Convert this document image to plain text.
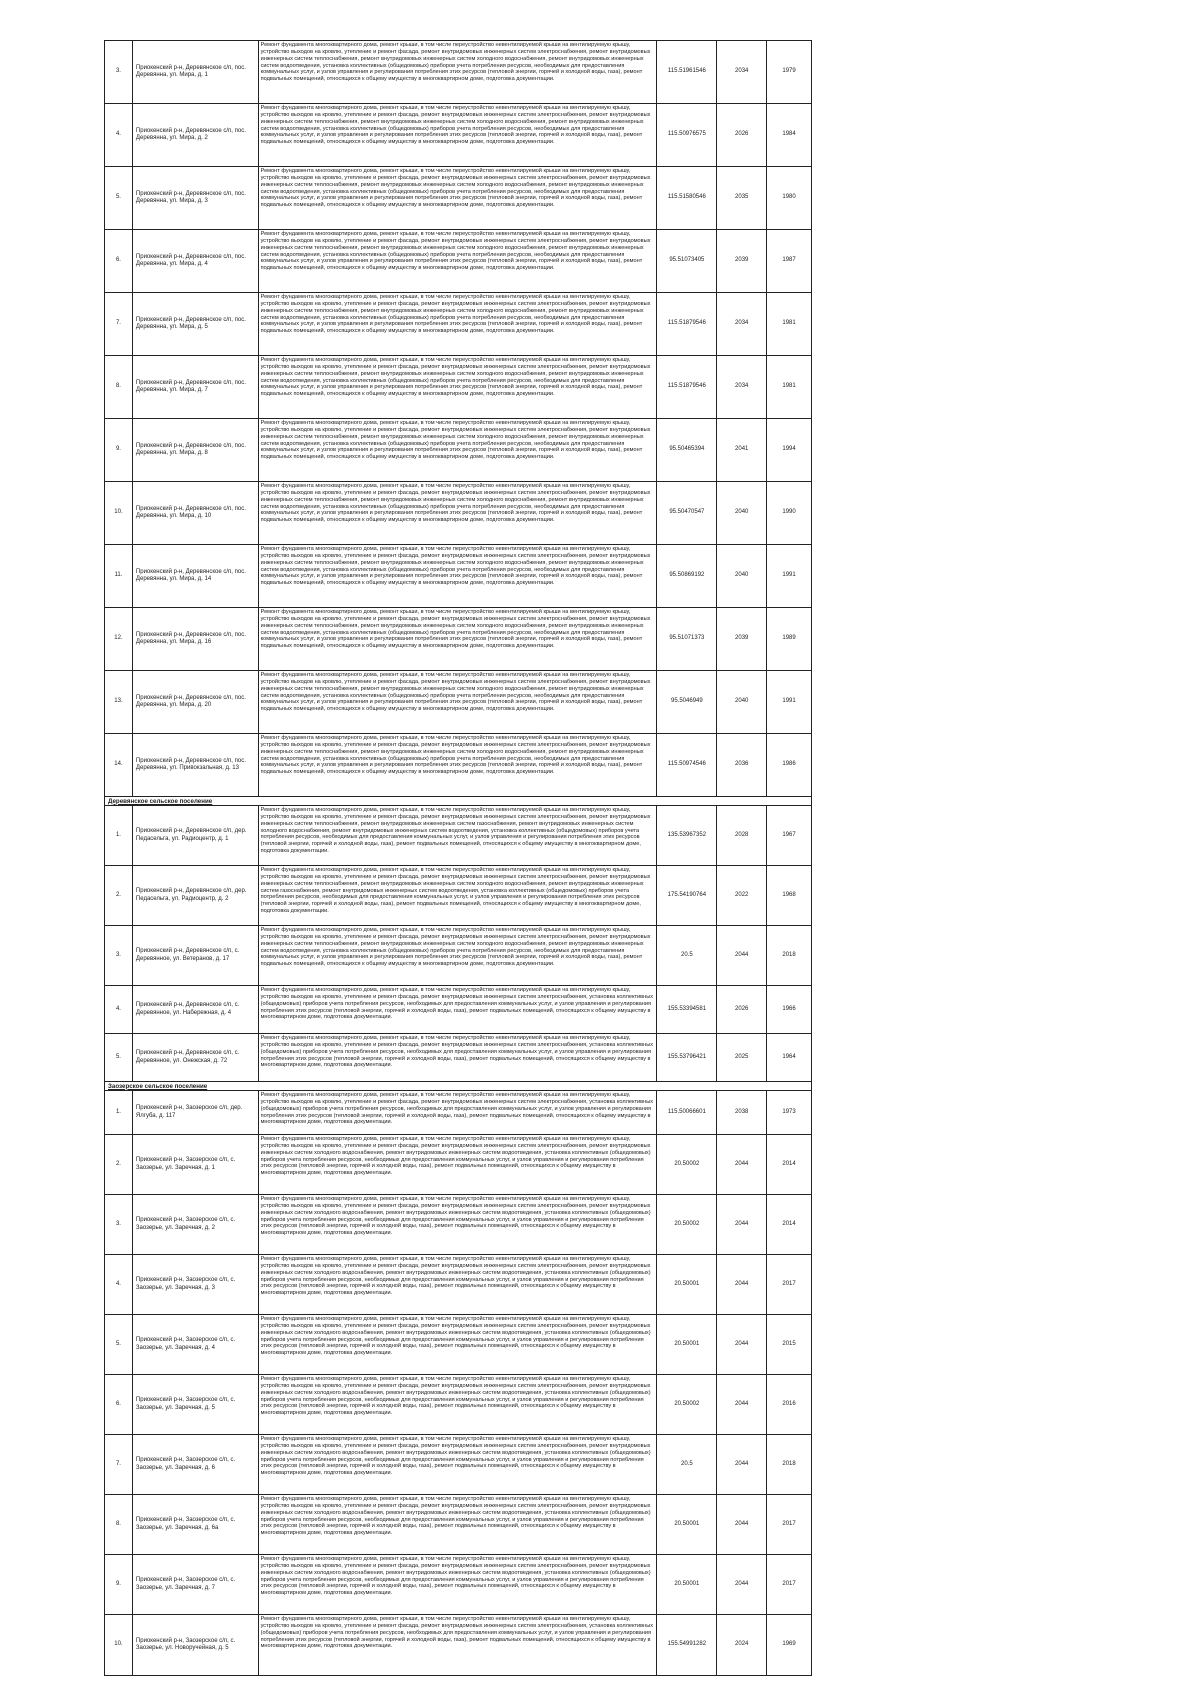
3.
Приокенский р-н, Деревянское с/п, пос. Деревянна, ул. Мира, д. 1
Ремонт фундамента многоквартирного дома, ремонт крыши, в том числе переустройство невентилируемой крыши на вентилируемую крышу, устройство выходов на кровлю, утепление и ремонт фасада, ремонт внутридомовых инженерных систем электроснабжения, ремонт внутридомовых инженерных систем теплоснабжения, ремонт внутридомовых инженерных систем холодного водоснабжения, ремонт внутридомовых инженерных систем водоотведения, установка коллективных (общедомовых) приборов учета потребления ресурсов, необходимых для предоставления коммунальных услуг, и узлов управления и регулирования потребления этих ресурсов (тепловой энергии, горячей и холодной воды, газа), ремонт подвальных помещений, относящихся к общему имуществу в многоквартирном доме, подготовка документации.
115.51961546	2034	1979
4.
Приокенский р-н, Деревянское с/п, пос. Деревянна, ул. Мира, д. 2
Ремонт фундамента многоквартирного дома, ремонт крыши, в том числе переустройство невентилируемой крыши на вентилируемую крышу, устройство выходов на кровлю, утепление и ремонт фасада, ремонт внутридомовых инженерных систем электроснабжения, ремонт внутридомовых инженерных систем теплоснабжения, ремонт внутридомовых инженерных систем холодного водоснабжения, ремонт внутридомовых инженерных систем водоотведения, установка коллективных (общедомовых) приборов учета потребления ресурсов, необходимых для предоставления коммунальных услуг, и узлов управления и регулирования потребления этих ресурсов (тепловой энергии, горячей и холодной воды, газа), ремонт подвальных помещений, относящихся к общему имуществу в многоквартирном доме, подготовка документации.
115.50976575	2026	1984
5.
Приокенский р-н, Деревянское с/п, пос. Деревянна, ул. Мира, д. 3
Ремонт фундамента многоквартирного дома, ремонт крыши, в том числе переустройство невентилируемой крыши на вентилируемую крышу, устройство выходов на кровлю, утепление и ремонт фасада, ремонт внутридомовых инженерных систем электроснабжения, ремонт внутридомовых инженерных систем теплоснабжения, ремонт внутридомовых инженерных систем холодного водоснабжения, ремонт внутридомовых инженерных систем водоотведения, установка коллективных (общедомовых) приборов учета потребления ресурсов, необходимых для предоставления коммунальных услуг, и узлов управления и регулирования потребления этих ресурсов (тепловой энергии, горячей и холодной воды, газа), ремонт подвальных помещений, относящихся к общему имуществу в многоквартирном доме, подготовка документации.
115.51580546	2035	1980
6.
Приокенский р-н, Деревянское с/п, пос. Деревянна, ул. Мира, д. 4
Ремонт фундамента многоквартирного дома, ремонт крыши, в том числе переустройство невентилируемой крыши на вентилируемую крышу, устройство выходов на кровлю, утепление и ремонт фасада, ремонт внутридомовых инженерных систем электроснабжения, ремонт внутридомовых инженерных систем теплоснабжения, ремонт внутридомовых инженерных систем холодного водоснабжения, ремонт внутридомовых инженерных систем водоотведения, установка коллективных (общедомовых) приборов учета потребления ресурсов, необходимых для предоставления коммунальных услуг, и узлов управления и регулирования потребления этих ресурсов (тепловой энергии, горячей и холодной воды, газа), ремонт подвальных помещений, относящихся к общему имуществу в многоквартирном доме, подготовка документации.
95.51073405	2039	1987
7.
Приокенский р-н, Деревянское с/п, пос. Деревянна, ул. Мира, д. 5
Ремонт фундамента многоквартирного дома, ремонт крыши, в том числе переустройство невентилируемой крыши на вентилируемую крышу, устройство выходов на кровлю, утепление и ремонт фасада, ремонт внутридомовых инженерных систем электроснабжения, ремонт внутридомовых инженерных систем теплоснабжения, ремонт внутридомовых инженерных систем холодного водоснабжения, ремонт внутридомовых инженерных систем водоотведения, установка коллективных (общедомовых) приборов учета потребления ресурсов, необходимых для предоставления коммунальных услуг, и узлов управления и регулирования потребления этих ресурсов (тепловой энергии, горячей и холодной воды, газа), ремонт подвальных помещений, относящихся к общему имуществу в многоквартирном доме, подготовка документации.
115.51879546	2034	1981
8.
Приокенский р-н, Деревянское с/п, пос. Деревянна, ул. Мира, д. 7
Ремонт фундамента многоквартирного дома, ремонт крыши, в том числе переустройство невентилируемой крыши на вентилируемую крышу, устройство выходов на кровлю, утепление и ремонт фасада, ремонт внутридомовых инженерных систем электроснабжения, ремонт внутридомовых инженерных систем теплоснабжения, ремонт внутридомовых инженерных систем холодного водоснабжения, ремонт внутридомовых инженерных систем водоотведения, установка коллективных (общедомовых) приборов учета потребления ресурсов, необходимых для предоставления коммунальных услуг, и узлов управления и регулирования потребления этих ресурсов (тепловой энергии, горячей и холодной воды, газа), ремонт подвальных помещений, относящихся к общему имуществу в многоквартирном доме, подготовка документации.
115.51879546	2034	1981
9.
Приокенский р-н, Деревянское с/п, пос. Деревянна, ул. Мира, д. 8
Ремонт фундамента многоквартирного дома, ремонт крыши, в том числе переустройство невентилируемой крыши на вентилируемую крышу, устройство выходов на кровлю, утепление и ремонт фасада, ремонт внутридомовых инженерных систем электроснабжения, ремонт внутридомовых инженерных систем теплоснабжения, ремонт внутридомовых инженерных систем холодного водоснабжения, ремонт внутридомовых инженерных систем водоотведения, установка коллективных (общедомовых) приборов учета потребления ресурсов, необходимых для предоставления коммунальных услуг, и узлов управления и регулирования потребления этих ресурсов (тепловой энергии, горячей и холодной воды, газа), ремонт подвальных помещений, относящихся к общему имуществу в многоквартирном доме, подготовка документации.
95.50465394	2041	1994
10.
Приокенский р-н, Деревянское с/п, пос. Деревянна, ул. Мира, д. 10
Ремонт фундамента многоквартирного дома, ремонт крыши, в том числе переустройство невентилируемой крыши на вентилируемую крышу, устройство выходов на кровлю, утепление и ремонт фасада, ремонт внутридомовых инженерных систем электроснабжения, ремонт внутридомовых инженерных систем теплоснабжения, ремонт внутридомовых инженерных систем холодного водоснабжения, ремонт внутридомовых инженерных систем водоотведения, установка коллективных (общедомовых) приборов учета потребления ресурсов, необходимых для предоставления коммунальных услуг, и узлов управления и регулирования потребления этих ресурсов (тепловой энергии, горячей и холодной воды, газа), ремонт подвальных помещений, относящихся к общему имуществу в многоквартирном доме, подготовка документации.
95.50470547	2040	1990
11.
Приокенский р-н, Деревянское с/п, пос. Деревянна, ул. Мира, д. 14
Ремонт фундамента многоквартирного дома, ремонт крыши, в том числе переустройство невентилируемой крыши на вентилируемую крышу, устройство выходов на кровлю, утепление и ремонт фасада, ремонт внутридомовых инженерных систем электроснабжения, ремонт внутридомовых инженерных систем теплоснабжения, ремонт внутридомовых инженерных систем холодного водоснабжения, ремонт внутридомовых инженерных систем водоотведения, установка коллективных (общедомовых) приборов учета потребления ресурсов, необходимых для предоставления коммунальных услуг, и узлов управления и регулирования потребления этих ресурсов (тепловой энергии, горячей и холодной воды, газа), ремонт подвальных помещений, относящихся к общему имуществу в многоквартирном доме, подготовка документации.
95.50869192	2040	1991
12.
Приокенский р-н, Деревянское с/п, пос. Деревянна, ул. Мира, д. 16
Ремонт фундамента многоквартирного дома, ремонт крыши, в том числе переустройство невентилируемой крыши на вентилируемую крышу, устройство выходов на кровлю, утепление и ремонт фасада, ремонт внутридомовых инженерных систем электроснабжения, ремонт внутридомовых инженерных систем теплоснабжения, ремонт внутридомовых инженерных систем холодного водоснабжения, ремонт внутридомовых инженерных систем водоотведения, установка коллективных (общедомовых) приборов учета потребления ресурсов, необходимых для предоставления коммунальных услуг, и узлов управления и регулирования потребления этих ресурсов (тепловой энергии, горячей и холодной воды, газа), ремонт подвальных помещений, относящихся к общему имуществу в многоквартирном доме, подготовка документации.
95.51071373	2039	1989
13.
Приокенский р-н, Деревянское с/п, пос. Деревянна, ул. Мира, д. 20
Ремонт фундамента многоквартирного дома, ремонт крыши, в том числе переустройство невентилируемой крыши на вентилируемую крышу, устройство выходов на кровлю, утепление и ремонт фасада, ремонт внутридомовых инженерных систем электроснабжения, ремонт внутридомовых инженерных систем теплоснабжения, ремонт внутридомовых инженерных систем холодного водоснабжения, ремонт внутридомовых инженерных систем водоотведения, установка коллективных (общедомовых) приборов учета потребления ресурсов, необходимых для предоставления коммунальных услуг, и узлов управления и регулирования потребления этих ресурсов (тепловой энергии, горячей и холодной воды, газа), ремонт подвальных помещений, относящихся к общему имуществу в многоквартирном доме, подготовка документации.
95.5046949	2040	1991
14.
Приокенский р-н, Деревянское с/п, пос. Деревянна, ул. Привокзальная, д. 13
Ремонт фундамента многоквартирного дома, ремонт крыши, в том числе переустройство невентилируемой крыши на вентилируемую крышу, устройство выходов на кровлю, утепление и ремонт фасада, ремонт внутридомовых инженерных систем электроснабжения, ремонт внутридомовых инженерных систем теплоснабжения, ремонт внутридомовых инженерных систем холодного водоснабжения, ремонт внутридомовых инженерных систем водоотведения, установка коллективных (общедомовых) приборов учета потребления ресурсов, необходимых для предоставления коммунальных услуг, и узлов управления и регулирования потребления этих ресурсов (тепловой энергии, горячей и холодной воды, газа), ремонт подвальных помещений, относящихся к общему имуществу в многоквартирном доме, подготовка документации.
115.50974546	2036	1986
Деревянское сельское поселение
1.
Приокенский р-н, Деревянское с/п, дер. Педасельга, ул. Радиоцентр, д. 1
Ремонт фундамента многоквартирного дома, ремонт крыши, в том числе переустройство невентилируемой крыши на вентилируемую крышу, устройство выходов на кровлю, утепление и ремонт фасада, ремонт внутридомовых инженерных систем электроснабжения, ремонт внутридомовых инженерных систем теплоснабжения, ремонт внутридомовых инженерных систем газоснабжения, ремонт внутридомовых инженерных систем холодного водоснабжения, ремонт внутридомовых инженерных систем водоотведения, установка коллективных (общедомовых) приборов учета потребления ресурсов, необходимых для предоставления коммунальных услуг, и узлов управления и регулирования потребления этих ресурсов (тепловой энергии, горячей и холодной воды, газа), ремонт подвальных помещений, относящихся к общему имуществу в многоквартирном доме, подготовка документации.
135.53967352	2028	1967
2.
Приокенский р-н, Деревянское с/п, дер. Педасельга, ул. Радиоцентр, д. 2
Ремонт фундамента многоквартирного дома, ремонт крыши, в том числе переустройство невентилируемой крыши на вентилируемую крышу, устройство выходов на кровлю, утепление и ремонт фасада, ремонт внутридомовых инженерных систем электроснабжения, ремонт внутридомовых инженерных систем теплоснабжения, ремонт внутридомовых инженерных систем холодного водоснабжения, ремонт внутридомовых инженерных систем газоснабжения, ремонт внутридомовых инженерных систем водоотведения, установка коллективных (общедомовых) приборов учета потребления ресурсов, необходимых для предоставления коммунальных услуг, и узлов управления и регулирования потребления этих ресурсов (тепловой энергии, горячей и холодной воды, газа), ремонт подвальных помещений, относящихся к общему имуществу в многоквартирном доме, подготовка документации.
175.54190764	2022	1968
3.
Приокенский р-н, Деревянское с/п, с. Деревянное, ул. Ветеранов, д. 17
Ремонт фундамента многоквартирного дома, ремонт крыши, в том числе переустройство невентилируемой крыши на вентилируемую крышу, устройство выходов на кровлю, утепление и ремонт фасада, ремонт внутридомовых инженерных систем электроснабжения, ремонт внутридомовых инженерных систем теплоснабжения, ремонт внутридомовых инженерных систем холодного водоснабжения, ремонт внутридомовых инженерных систем водоотведения, установка коллективных (общедомовых) приборов учета потребления ресурсов, необходимых для предоставления коммунальных услуг, и узлов управления и регулирования потребления этих ресурсов (тепловой энергии, горячей и холодной воды, газа), ремонт подвальных помещений, относящихся к общему имуществу в многоквартирном доме, подготовка документации.
20.5	2044	2018
4.
Приокенский р-н, Деревянское с/п, с. Деревянное, ул. Набережная, д. 4
Ремонт фундамента многоквартирного дома, ремонт крыши, в том числе переустройство невентилируемой крыши на вентилируемую крышу, устройство выходов на кровлю, утепление и ремонт фасада, ремонт внутридомовых инженерных систем электроснабжения, установка коллективных (общедомовых) приборов учета потребления ресурсов, необходимых для предоставления коммунальных услуг, и узлов управления и регулирования потребления этих ресурсов (тепловой энергии, горячей и холодной воды, газа), ремонт подвальных помещений, относящихся к общему имуществу в многоквартирном доме, подготовка документации.
155.53394581	2026	1966
5.
Приокенский р-н, Деревянское с/п, с. Деревянное, ул. Онежская, д. 72
Ремонт фундамента многоквартирного дома, ремонт крыши, в том числе переустройство невентилируемой крыши на вентилируемую крышу, устройство выходов на кровлю, утепление и ремонт фасада, ремонт внутридомовых инженерных систем электроснабжения, установка коллективных (общедомовых) приборов учета потребления ресурсов, необходимых для предоставления коммунальных услуг, и узлов управления и регулирования потребления этих ресурсов (тепловой энергии, горячей и холодной воды, газа), ремонт подвальных помещений, относящихся к общему имуществу в многоквартирном доме, подготовка документации.
155.53796421	2025	1964
Заозерское сельское поселение
1.
Приокенский р-н, Заозерское с/п, дер. Ялгуба, д. 117
Ремонт фундамента многоквартирного дома, ремонт крыши, в том числе переустройство невентилируемой крыши на вентилируемую крышу, устройство выходов на кровлю, утепление и ремонт фасада, ремонт внутридомовых инженерных систем электроснабжения, установка коллективных (общедомовых) приборов учета потребления ресурсов, необходимых для предоставления коммунальных услуг, и узлов управления и регулирования потребления этих ресурсов (тепловой энергии, горячей и холодной воды, газа), ремонт подвальных помещений, относящихся к общему имуществу в многоквартирном доме, подготовка документации.
115.50066601	2038	1973
2.
Приокенский р-н, Заозерское с/п, с. Заозерье, ул. Заречная, д. 1
Ремонт фундамента многоквартирного дома, ремонт крыши, в том числе переустройство невентилируемой крыши на вентилируемую крышу, устройство выходов на кровлю, утепление и ремонт фасада, ремонт внутридомовых инженерных систем электроснабжения, ремонт внутридомовых инженерных систем холодного водоснабжения, ремонт внутридомовых инженерных систем водоотведения, установка коллективных (общедомовых) приборов учета потребления ресурсов, необходимых для предоставления коммунальных услуг, и узлов управления и регулирования потребления этих ресурсов (тепловой энергии, горячей и холодной воды, газа), ремонт подвальных помещений, относящихся к общему имуществу в многоквартирном доме, подготовка документации.
20.50002	2044	2014
3.
Приокенский р-н, Заозерское с/п, с. Заозерье, ул. Заречная, д. 2
Ремонт фундамента многоквартирного дома, ремонт крыши, в том числе переустройство невентилируемой крыши на вентилируемую крышу, устройство выходов на кровлю, утепление и ремонт фасада, ремонт внутридомовых инженерных систем электроснабжения, ремонт внутридомовых инженерных систем холодного водоснабжения, ремонт внутридомовых инженерных систем водоотведения, установка коллективных (общедомовых) приборов учета потребления ресурсов, необходимых для предоставления коммунальных услуг, и узлов управления и регулирования потребления этих ресурсов (тепловой энергии, горячей и холодной воды, газа), ремонт подвальных помещений, относящихся к общему имуществу в многоквартирном доме, подготовка документации.
20.50002	2044	2014
4.
Приокенский р-н, Заозерское с/п, с. Заозерье, ул. Заречная, д. 3
Ремонт фундамента многоквартирного дома, ремонт крыши, в том числе переустройство невентилируемой крыши на вентилируемую крышу, устройство выходов на кровлю, утепление и ремонт фасада, ремонт внутридомовых инженерных систем электроснабжения, ремонт внутридомовых инженерных систем холодного водоснабжения, ремонт внутридомовых инженерных систем водоотведения, установка коллективных (общедомовых) приборов учета потребления ресурсов, необходимых для предоставления коммунальных услуг, и узлов управления и регулирования потребления этих ресурсов (тепловой энергии, горячей и холодной воды, газа), ремонт подвальных помещений, относящихся к общему имуществу в многоквартирном доме, подготовка документации.
20.50001	2044	2017
5.
Приокенский р-н, Заозерское с/п, с. Заозерье, ул. Заречная, д. 4
Ремонт фундамента многоквартирного дома, ремонт крыши, в том числе переустройство невентилируемой крыши на вентилируемую крышу, устройство выходов на кровлю, утепление и ремонт фасада, ремонт внутридомовых инженерных систем электроснабжения, ремонт внутридомовых инженерных систем холодного водоснабжения, ремонт внутридомовых инженерных систем водоотведения, установка коллективных (общедомовых) приборов учета потребления ресурсов, необходимых для предоставления коммунальных услуг, и узлов управления и регулирования потребления этих ресурсов (тепловой энергии, горячей и холодной воды, газа), ремонт подвальных помещений, относящихся к общему имуществу в многоквартирном доме, подготовка документации.
20.50001	2044	2015
6.
Приокенский р-н, Заозерское с/п, с. Заозерье, ул. Заречная, д. 5
Ремонт фундамента многоквартирного дома, ремонт крыши, в том числе переустройство невентилируемой крыши на вентилируемую крышу, устройство выходов на кровлю, утепление и ремонт фасада, ремонт внутридомовых инженерных систем электроснабжения, ремонт внутридомовых инженерных систем холодного водоснабжения, ремонт внутридомовых инженерных систем водоотведения, установка коллективных (общедомовых) приборов учета потребления ресурсов, необходимых для предоставления коммунальных услуг, и узлов управления и регулирования потребления этих ресурсов (тепловой энергии, горячей и холодной воды, газа), ремонт подвальных помещений, относящихся к общему имуществу в многоквартирном доме, подготовка документации.
20.50002	2044	2016
7.
Приокенский р-н, Заозерское с/п, с. Заозерье, ул. Заречная, д. 6
Ремонт фундамента многоквартирного дома, ремонт крыши, в том числе переустройство невентилируемой крыши на вентилируемую крышу, устройство выходов на кровлю, утепление и ремонт фасада, ремонт внутридомовых инженерных систем электроснабжения, ремонт внутридомовых инженерных систем холодного водоснабжения, ремонт внутридомовых инженерных систем водоотведения, установка коллективных (общедомовых) приборов учета потребления ресурсов, необходимых для предоставления коммунальных услуг, и узлов управления и регулирования потребления этих ресурсов (тепловой энергии, горячей и холодной воды, газа), ремонт подвальных помещений, относящихся к общему имуществу в многоквартирном доме, подготовка документации.
20.5	2044	2018
8.
Приокенский р-н, Заозерское с/п, с. Заозерье, ул. Заречная, д. 6а
Ремонт фундамента многоквартирного дома, ремонт крыши, в том числе переустройство невентилируемой крыши на вентилируемую крышу, устройство выходов на кровлю, утепление и ремонт фасада, ремонт внутридомовых инженерных систем электроснабжения, ремонт внутридомовых инженерных систем холодного водоснабжения, ремонт внутридомовых инженерных систем водоотведения, установка коллективных (общедомовых) приборов учета потребления ресурсов, необходимых для предоставления коммунальных услуг, и узлов управления и регулирования потребления этих ресурсов (тепловой энергии, горячей и холодной воды, газа), ремонт подвальных помещений, относящихся к общему имуществу в многоквартирном доме, подготовка документации.
20.50001	2044	2017
9.
Приокенский р-н, Заозерское с/п, с. Заозерье, ул. Заречная, д. 7
Ремонт фундамента многоквартирного дома, ремонт крыши, в том числе переустройство невентилируемой крыши на вентилируемую крышу, устройство выходов на кровлю, утепление и ремонт фасада, ремонт внутридомовых инженерных систем электроснабжения, ремонт внутридомовых инженерных систем холодного водоснабжения, ремонт внутридомовых инженерных систем водоотведения, установка коллективных (общедомовых) приборов учета потребления ресурсов, необходимых для предоставления коммунальных услуг, и узлов управления и регулирования потребления этих ресурсов (тепловой энергии, горячей и холодной воды, газа), ремонт подвальных помещений, относящихся к общему имуществу в многоквартирном доме, подготовка документации.
20.50001	2044	2017
10.
Приокенский р-н, Заозерское с/п, с. Заозерье, ул. Новоручейная, д. 5
Ремонт фундамента многоквартирного дома, ремонт крыши, в том числе переустройство невентилируемой крыши на вентилируемую крышу, устройство выходов на кровлю, утепление и ремонт фасада, ремонт внутридомовых инженерных систем электроснабжения, установка коллективных (общедомовых) приборов учета потребления ресурсов, необходимых для предоставления коммунальных услуг, и узлов управления и регулирования потребления этих ресурсов (тепловой энергии, горячей и холодной воды, газа), ремонт подвальных помещений, относящихся к общему имуществу в многоквартирном доме, подготовка документации.	155.54991282	2024	1969
